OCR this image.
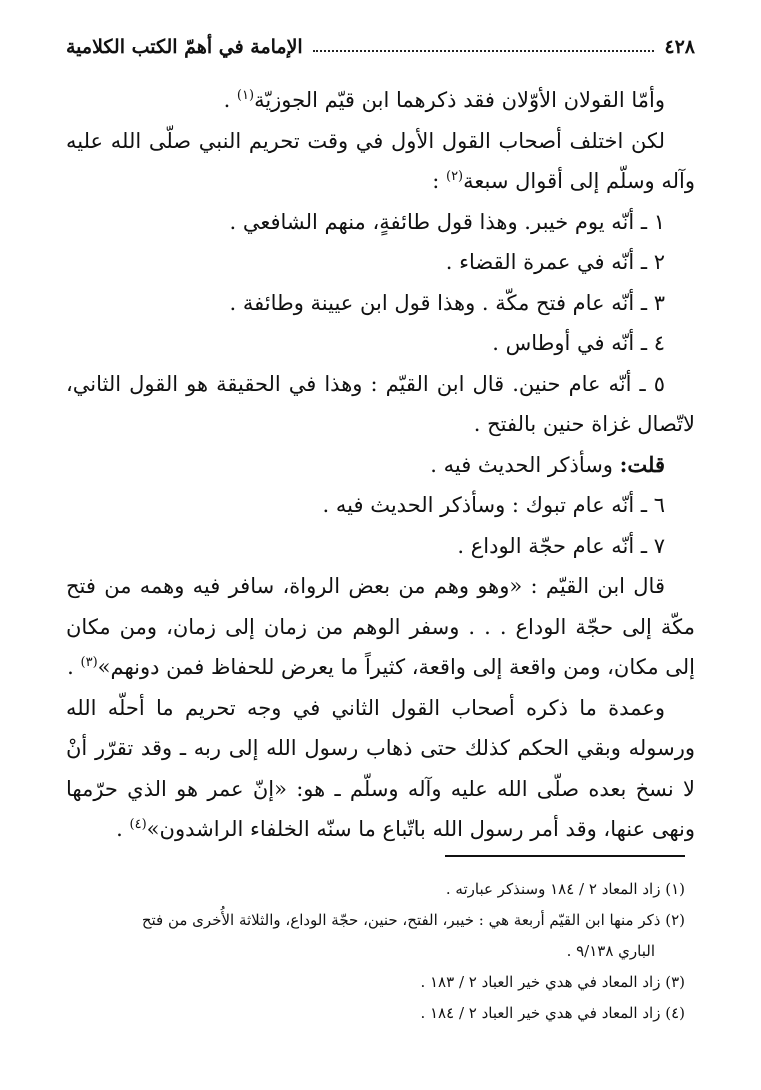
٤٢٨
الإمامة في أهمّ الكتب الكلامية

وأمّا القولان الأوّلان فقد ذكرهما ابن قيّم الجوزيّة$^{(١)}$ .

لكن اختلف أصحاب القول الأول في وقت تحريم النبي صلّى الله عليه وآله وسلّم إلى أقوال سبعة$^{(٢)}$ :

١ ـ أنّه يوم خيبر. وهذا قول طائفةٍ، منهم الشافعي .

٢ ـ أنّه في عمرة القضاء .

٣ ـ أنّه عام فتح مكّة . وهذا قول ابن عيينة وطائفة .

٤ ـ أنّه في أوطاس .

٥ ـ أنّه عام حنين. قال ابن القيّم : وهذا في الحقيقة هو القول الثاني، لاتّصال غزاة حنين بالفتح .

قلت: وسأذكر الحديث فيه .

٦ ـ أنّه عام تبوك : وسأذكر الحديث فيه .

٧ ـ أنّه عام حجّة الوداع .

قال ابن القيّم : «وهو وهم من بعض الرواة، سافر فيه وهمه من فتح مكّة إلى حجّة الوداع . . . وسفر الوهم من زمان إلى زمان، ومن مكان إلى مكان، ومن واقعة إلى واقعة، كثيراً ما يعرض للحفاظ فمن دونهم»$^{(٣)}$ .

وعمدة ما ذكره أصحاب القول الثاني في وجه تحريم ما أحلّه الله ورسوله وبقي الحكم كذلك حتى ذهاب رسول الله إلى ربه ـ وقد تقرّر أنْ لا نسخ بعده صلّى الله عليه وآله وسلّم ـ هو: «إنّ عمر هو الذي حرّمها ونهى عنها، وقد أمر رسول الله باتّباع ما سنّه الخلفاء الراشدون»$^{(٤)}$ .

(١) زاد المعاد ٢ / ١٨٤ وسنذكر عبارته .

(٢) ذكر منها ابن القيّم أربعة هي : خيبر، الفتح، حنين، حجّة الوداع، والثلاثة الأُخرى من فتح

الباري ٩/١٣٨ .

(٣) زاد المعاد في هدي خير العباد ٢ / ١٨٣ .

(٤) زاد المعاد في هدي خير العباد ٢ / ١٨٤ .
